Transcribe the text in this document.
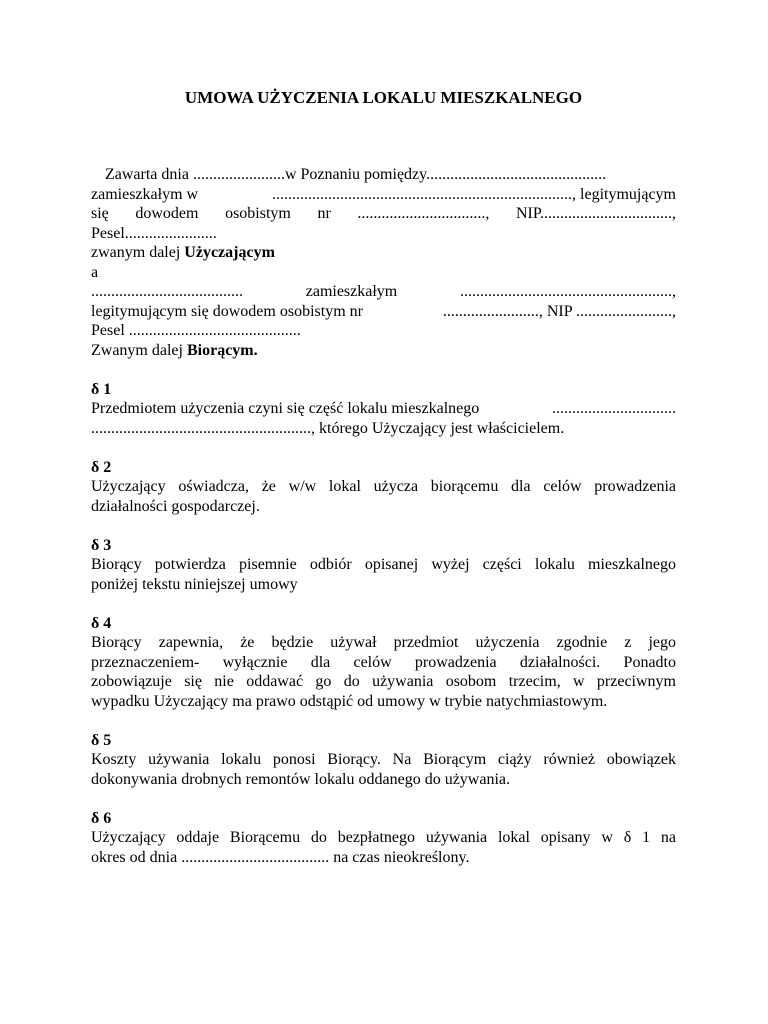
UMOWA UŻYCZENIA LOKALU MIESZKALNEGO
Zawarta dnia .......................w Poznaniu pomiędzy.............................................
zamieszkałym w	..........................................................................., legitymującym
się dowodem osobistym nr ................................, NIP.................................,
Pesel.......................
zwanym dalej Użyczającym
a
......................................	zamieszkałym	.....................................................,
legitymującym się dowodem osobistym nr	........................, NIP ........................,
Pesel ...........................................
Zwanym dalej Biorącym.
δ 1
Przedmiotem użyczenia czyni się część lokalu mieszkalnego	...............................
......................................................., którego Użyczający jest właścicielem.
δ 2
Użyczający oświadcza, że w/w lokal użycza biorącemu dla celów prowadzenia
działalności gospodarczej.
δ 3
Biorący potwierdza pisemnie odbiór opisanej wyżej części lokalu mieszkalnego
poniżej tekstu niniejszej umowy
δ 4
Biorący zapewnia, że będzie używał przedmiot użyczenia zgodnie z jego
przeznaczeniem- wyłącznie dla celów prowadzenia działalności. Ponadto
zobowiązuje się nie oddawać go do używania osobom trzecim, w przeciwnym
wypadku Użyczający ma prawo odstąpić od umowy w trybie natychmiastowym.
δ 5
Koszty używania lokalu ponosi Biorący. Na Biorącym ciąży również obowiązek
dokonywania drobnych remontów lokalu oddanego do używania.
δ 6
Użyczający oddaje Biorącemu do bezpłatnego używania lokal opisany w δ 1 na
okres od dnia ..................................... na czas nieokreślony.
